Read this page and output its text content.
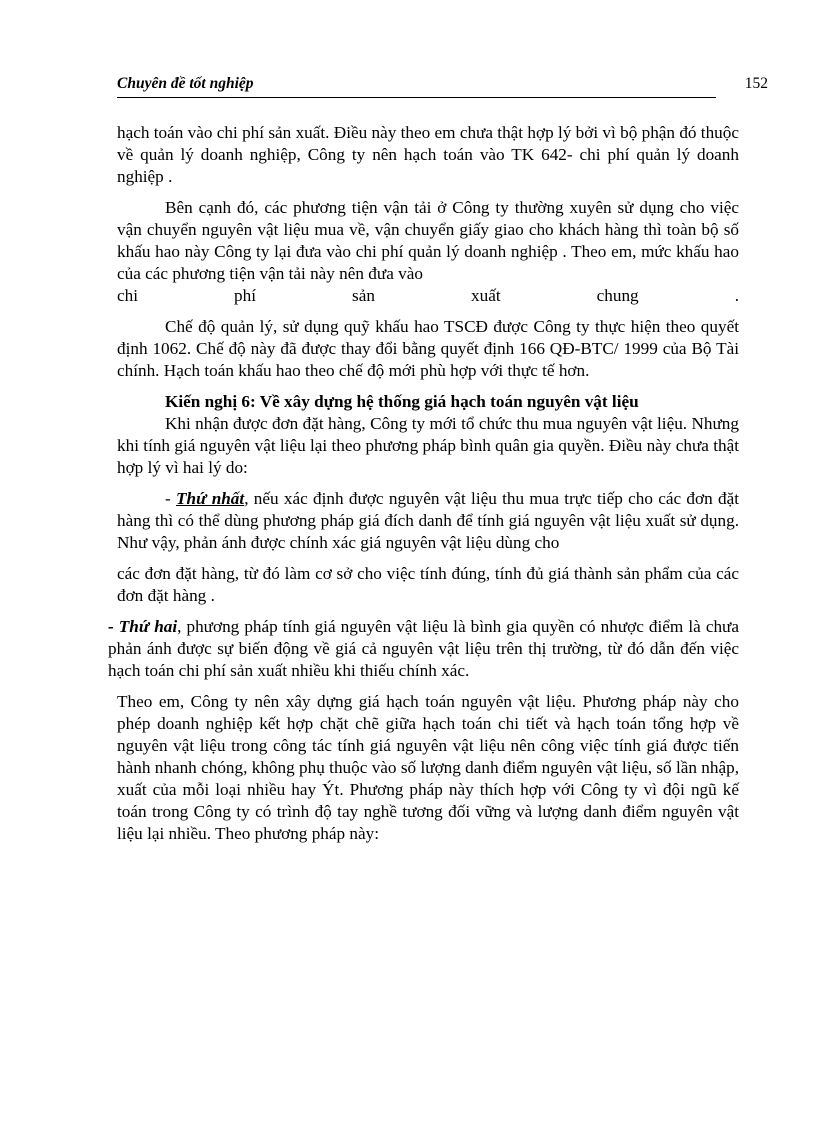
Chuyên đề tốt nghiệp	152

hạch toán vào chi phí sản xuất. Điều này theo em chưa thật hợp lý bởi vì bộ phận đó thuộc về quản lý doanh nghiệp, Công ty nên hạch toán vào TK 642- chi phí quản lý doanh nghiệp .

Bên cạnh đó, các phương tiện vận tải ở Công ty thường xuyên sử dụng cho việc vận chuyển nguyên vật liệu mua về, vận chuyển giấy giao cho khách hàng thì toàn bộ số khấu hao này Công ty lại đưa vào chi phí quản lý doanh nghiệp . Theo em, mức khấu hao của các phương tiện vận tải này nên đưa vào

chi phí sản xuất chung .

Chế độ quản lý, sử dụng quỹ khấu hao TSCĐ được Công ty thực hiện theo quyết định 1062. Chế độ này đã được thay đổi bằng quyết định 166 QĐ-BTC/ 1999 của Bộ Tài chính. Hạch toán khấu hao theo chế độ mới phù hợp với thực tế hơn.

Kiến nghị 6: Về xây dựng hệ thống giá hạch toán nguyên vật liệu

Khi nhận được đơn đặt hàng, Công ty mới tổ chức thu mua nguyên vật liệu. Nhưng khi tính giá nguyên vật liệu lại theo phương pháp bình quân gia quyền. Điều này chưa thật hợp lý vì hai lý do:

- Thứ nhất, nếu xác định được nguyên vật liệu thu mua trực tiếp cho các đơn đặt hàng thì có thể dùng phương pháp giá đích danh để tính giá nguyên vật liệu xuất sử dụng. Như vậy, phản ánh được chính xác giá nguyên vật liệu dùng cho

các đơn đặt hàng, từ đó làm cơ sở cho việc tính đúng, tính đủ giá thành sản phẩm của các đơn đặt hàng .

- Thứ hai, phương pháp tính giá nguyên vật liệu là bình gia quyền có nhược điểm là chưa phản ánh được sự biến động về giá cả nguyên vật liệu trên thị trường, từ đó dẫn đến việc hạch toán chi phí sản xuất nhiều khi thiếu chính xác.

Theo em, Công ty nên xây dựng giá hạch toán nguyên vật liệu. Phương pháp này cho phép doanh nghiệp kết hợp chặt chẽ giữa hạch toán chi tiết và hạch toán tổng hợp về nguyên vật liệu trong công tác tính giá nguyên vật liệu nên công việc tính giá được tiến hành nhanh chóng, không phụ thuộc vào số lượng danh điểm nguyên vật liệu, số lần nhập, xuất của mỗi loại nhiều hay Ýt. Phương pháp này thích hợp với Công ty vì đội ngũ kế toán trong Công ty có trình độ tay nghề tương đối vững và lượng danh điểm nguyên vật liệu lại nhiều. Theo phương pháp này:
